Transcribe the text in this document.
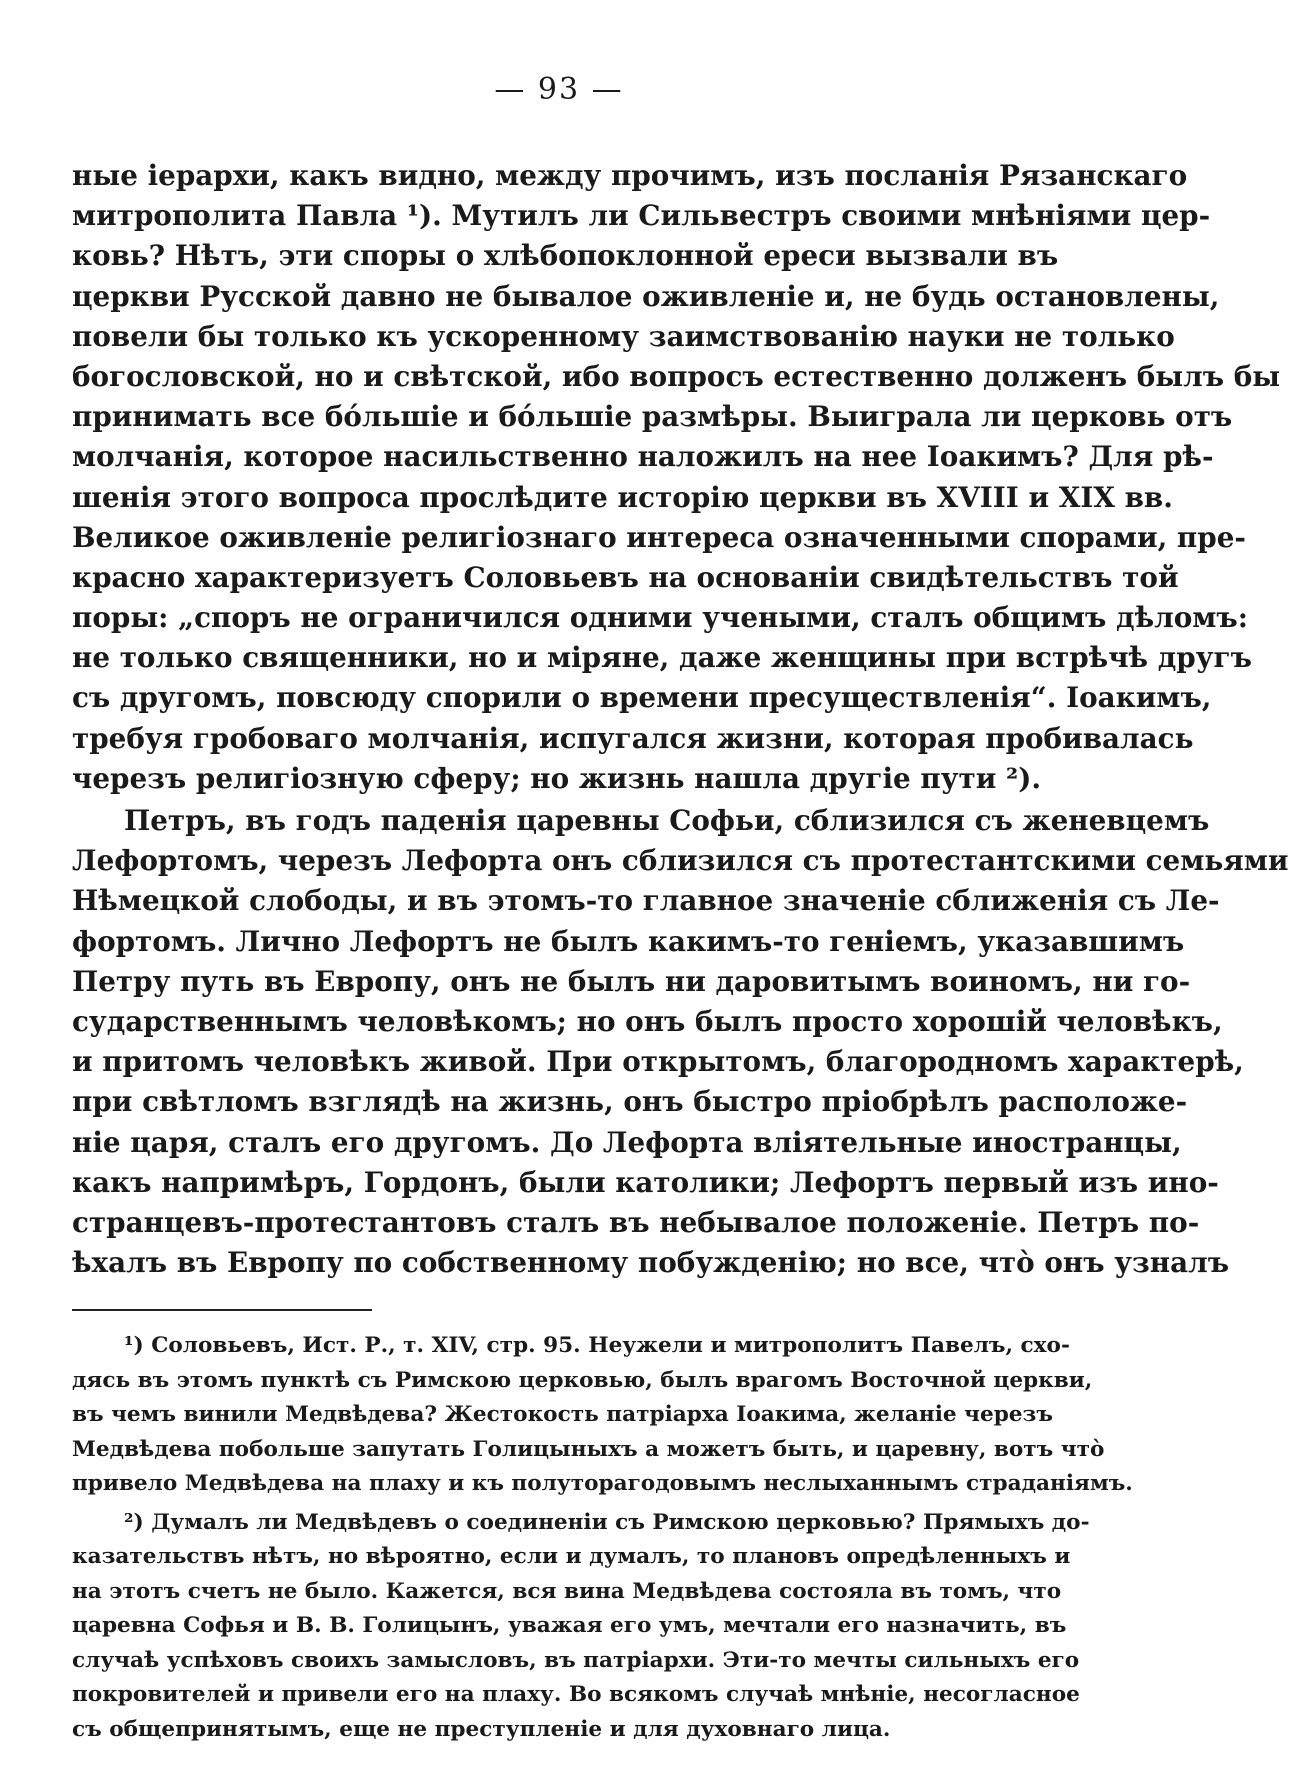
— 93 —
ные iерархи, какъ видно, между прочимъ, изъ посланiя Рязанскаго
митрополита Павла ¹). Мутилъ ли Сильвестръ своими мнѣнiями цер-
ковь? Нѣтъ, эти споры о хлѣбопоклонной ереси вызвали въ
церкви Русской давно не бывалое оживленiе и, не будь остановлены,
повели бы только къ ускоренному заимствованiю науки не только
богословской, но и свѣтской, ибо вопросъ естественно долженъ былъ бы
принимать все бóльшiе и бóльшiе размѣры. Выиграла ли церковь отъ
молчанiя, которое насильственно наложилъ на нее Iоакимъ? Для рѣ-
шенiя этого вопроса прослѣдите исторiю церкви въ XVIII и XIX вв.
Великое оживленiе религiознаго интереса означенными спорами, пре-
красно характеризуетъ Соловьевъ на основанiи свидѣтельствъ той
поры: „споръ не ограничился одними учеными, сталъ общимъ дѣломъ:
не только священники, но и мiряне, даже женщины при встрѣчѣ другъ
съ другомъ, повсюду спорили о времени пресуществленiя“. Iоакимъ,
требуя гробоваго молчанiя, испугался жизни, которая пробивалась
черезъ религiозную сферу; но жизнь нашла другiе пути ²).
Петръ, въ годъ паденiя царевны Софьи, сблизился съ женевцемъ
Лефортомъ, черезъ Лефорта онъ сблизился съ протестантскими семьями
Нѣмецкой слободы, и въ этомъ-то главное значенiе сближенiя съ Ле-
фортомъ. Лично Лефортъ не былъ какимъ-то генiемъ, указавшимъ
Петру путь въ Европу, онъ не былъ ни даровитымъ воиномъ, ни го-
сударственнымъ человѣкомъ; но онъ былъ просто хорошiй человѣкъ,
и притомъ человѣкъ живой. При открытомъ, благородномъ характерѣ,
при свѣтломъ взглядѣ на жизнь, онъ быстро прiобрѣлъ расположе-
нiе царя, сталъ его другомъ. До Лефорта влiятельные иностранцы,
какъ напримѣръ, Гордонъ, были католики; Лефортъ первый изъ ино-
странцевъ-протестантовъ сталъ въ небывалое положенiе. Петръ по-
ѣхалъ въ Европу по собственному побужденiю; но все, чтò онъ узналъ
¹) Соловьевъ, Ист. Р., т. XIV, стр. 95. Неужели и митрополитъ Павелъ, схо-
дясь въ этомъ пунктѣ съ Римскою церковью, былъ врагомъ Восточной церкви,
въ чемъ винили Медвѣдева? Жестокость патрiарха Iоакима, желанiе черезъ
Медвѣдева побольше запутать Голицыныхъ а можетъ быть, и царевну, вотъ чтò
привело Медвѣдева на плаху и къ полуторагодовымъ неслыханнымъ страданiямъ.
²) Думалъ ли Медвѣдевъ о соединенiи съ Римскою церковью? Прямыхъ до-
казательствъ нѣтъ, но вѣроятно, если и думалъ, то плановъ опредѣленныхъ и
на этотъ счетъ не было. Кажется, вся вина Медвѣдева состояла въ томъ, что
царевна Софья и В. В. Голицынъ, уважая его умъ, мечтали его назначить, въ
случаѣ успѣховъ своихъ замысловъ, въ патрiархи. Эти-то мечты сильныхъ его
покровителей и привели его на плаху. Во всякомъ случаѣ мнѣнiе, несогласное
съ общепринятымъ, еще не преступленiе и для духовнаго лица.
